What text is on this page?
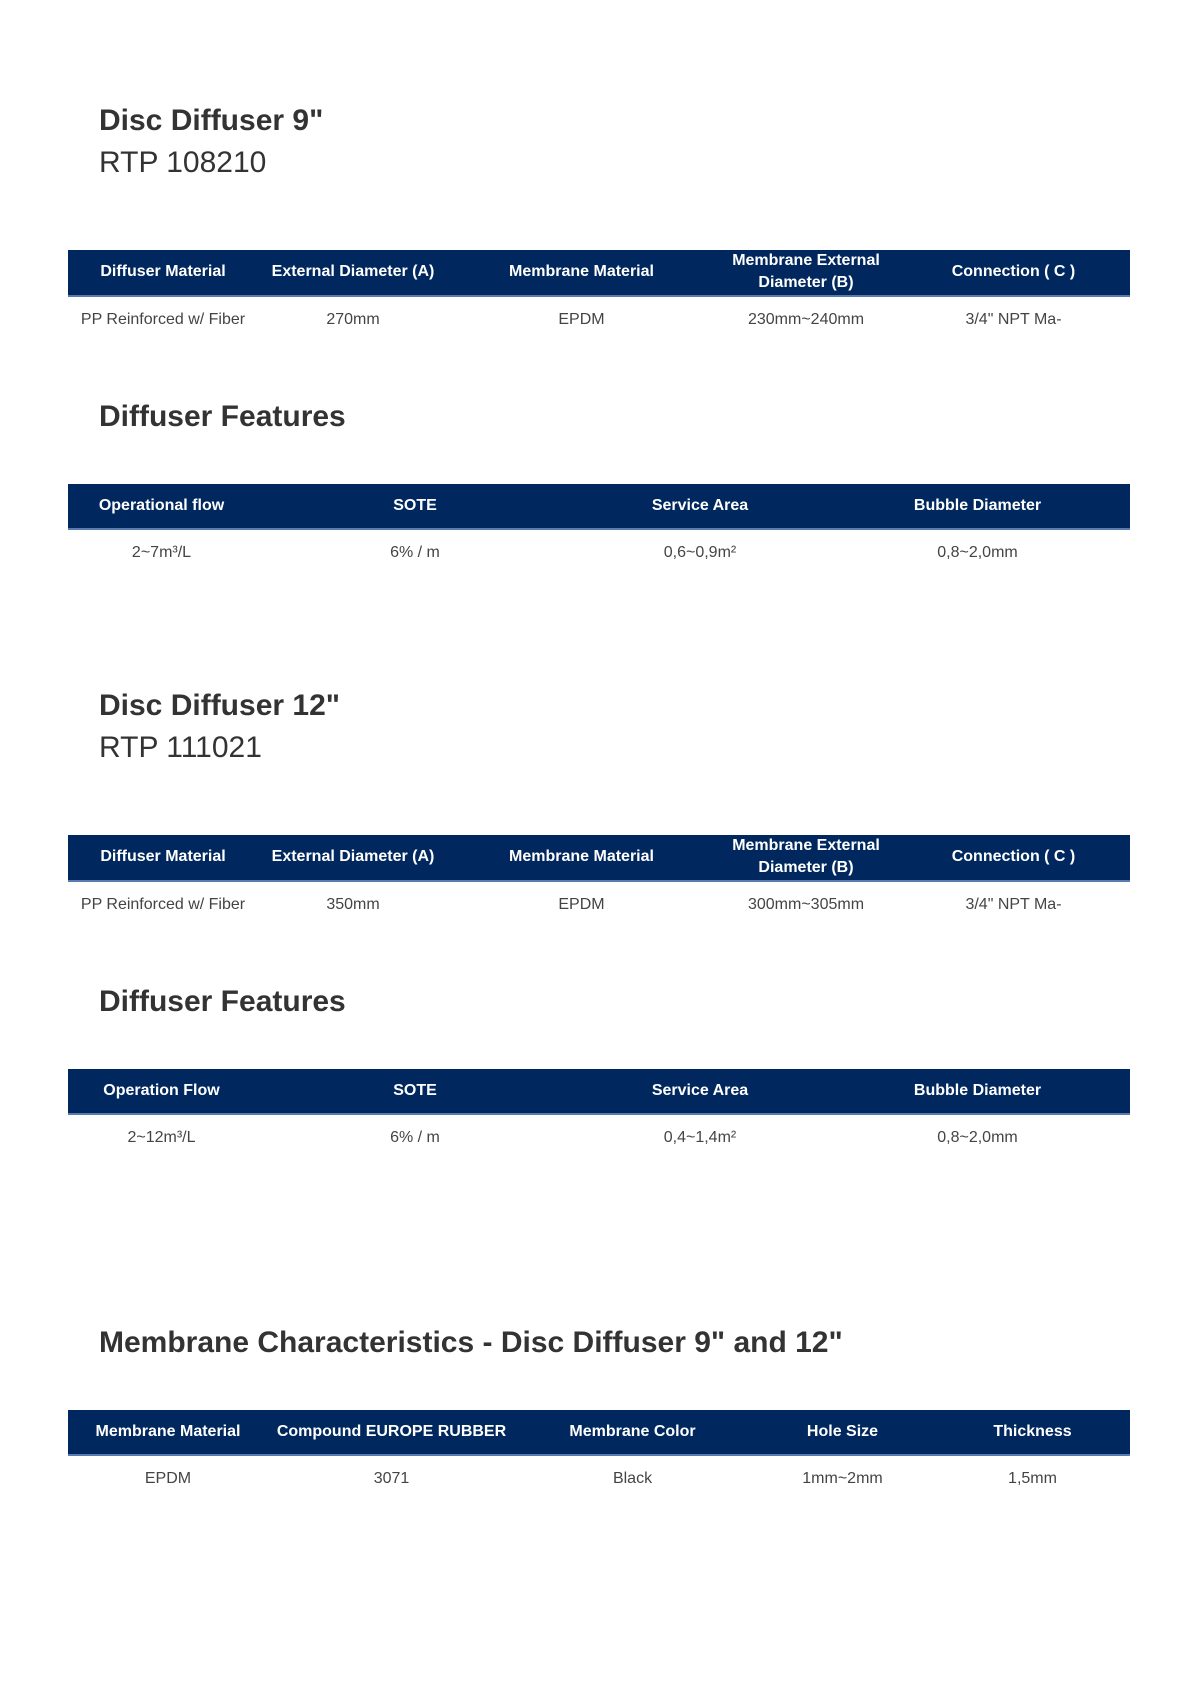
Disc Diffuser 9"
RTP 108210
Diffuser Material	External Diameter (A)	Membrane Material	Membrane External Diameter (B)	Connection ( C )
PP Reinforced w/ Fiber	270mm	EPDM	230mm~240mm	3/4" NPT Ma-
Diffuser Features
Operational flow	SOTE	Service Area	Bubble Diameter
2~7m³/L	6% / m	0,6~0,9m²	0,8~2,0mm
Disc Diffuser 12"
RTP 111021
Diffuser Material	External Diameter (A)	Membrane Material	Membrane External Diameter (B)	Connection ( C )
PP Reinforced w/ Fiber	350mm	EPDM	300mm~305mm	3/4" NPT Ma-
Diffuser Features
Operation Flow	SOTE	Service Area	Bubble Diameter
2~12m³/L	6% / m	0,4~1,4m²	0,8~2,0mm
Membrane Characteristics - Disc Diffuser 9" and 12"
Membrane Material	Compound EUROPE RUBBER	Membrane Color	Hole Size	Thickness
EPDM	3071	Black	1mm~2mm	1,5mm
